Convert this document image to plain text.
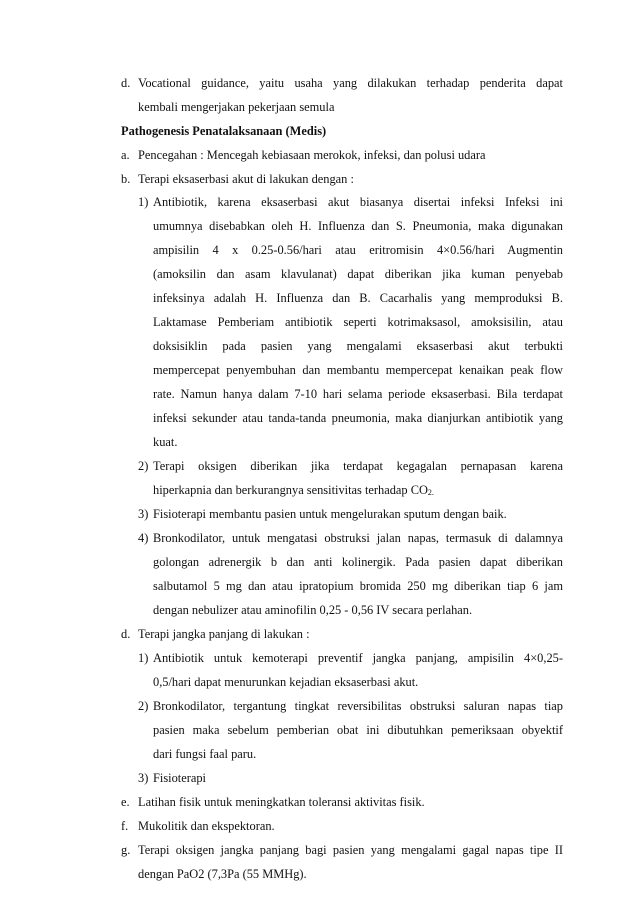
d. Vocational guidance, yaitu usaha yang dilakukan terhadap penderita dapat
kembali mengerjakan pekerjaan semula
Pathogenesis Penatalaksanaan (Medis)
a. Pencegahan : Mencegah kebiasaan merokok, infeksi, dan polusi udara
b. Terapi eksaserbasi akut di lakukan dengan :
1) Antibiotik, karena eksaserbasi akut biasanya disertai infeksi Infeksi ini
umumnya disebabkan oleh H. Influenza dan S. Pneumonia, maka digunakan
ampisilin 4 x 0.25-0.56/hari atau eritromisin 4×0.56/hari Augmentin
(amoksilin dan asam klavulanat) dapat diberikan jika kuman penyebab
infeksinya adalah H. Influenza dan B. Cacarhalis yang memproduksi B.
Laktamase Pemberiam antibiotik seperti kotrimaksasol, amoksisilin, atau
doksisiklin pada pasien yang mengalami eksaserbasi akut terbukti
mempercepat penyembuhan dan membantu mempercepat kenaikan peak flow
rate. Namun hanya dalam 7-10 hari selama periode eksaserbasi. Bila terdapat
infeksi sekunder atau tanda-tanda pneumonia, maka dianjurkan antibiotik yang
kuat.
2) Terapi oksigen diberikan jika terdapat kegagalan pernapasan karena
hiperkapnia dan berkurangnya sensitivitas terhadap $CO_{2.}$
3) Fisioterapi membantu pasien untuk mengelurakan sputum dengan baik.
4) Bronkodilator, untuk mengatasi obstruksi jalan napas, termasuk di dalamnya
golongan adrenergik b dan anti kolinergik. Pada pasien dapat diberikan
salbutamol 5 mg dan atau ipratopium bromida 250 mg diberikan tiap 6 jam
dengan nebulizer atau aminofilin 0,25 - 0,56 IV secara perlahan.
d. Terapi jangka panjang di lakukan :
1) Antibiotik untuk kemoterapi preventif jangka panjang, ampisilin 4×0,25-
0,5/hari dapat menurunkan kejadian eksaserbasi akut.
2) Bronkodilator, tergantung tingkat reversibilitas obstruksi saluran napas tiap
pasien maka sebelum pemberian obat ini dibutuhkan pemeriksaan obyektif
dari fungsi faal paru.
3) Fisioterapi
e. Latihan fisik untuk meningkatkan toleransi aktivitas fisik.
f. Mukolitik dan ekspektoran.
g. Terapi oksigen jangka panjang bagi pasien yang mengalami gagal napas tipe II
dengan PaO2 (7,3Pa (55 MMHg).
